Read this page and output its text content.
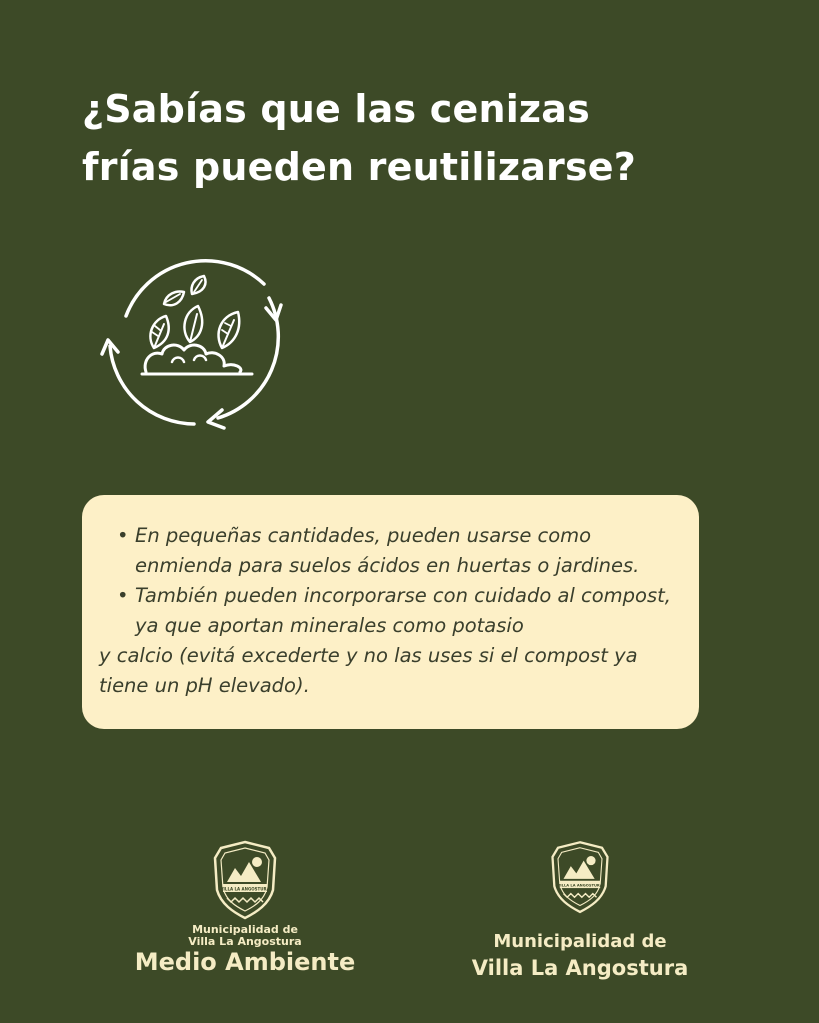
¿Sabías que las cenizas
frías pueden reutilizarse?
• En pequeñas cantidades, pueden usarse como enmienda para suelos ácidos en huertas o jardines.
• También pueden incorporarse con cuidado al compost, ya que aportan minerales como potasio
y calcio (evitá excederte y no las uses si el compost ya tiene un pH elevado).
VILLA LA ANGOSTURA
Municipalidad de
Villa La Angostura
Medio Ambiente
VILLA LA ANGOSTURA
Municipalidad de
Villa La Angostura
